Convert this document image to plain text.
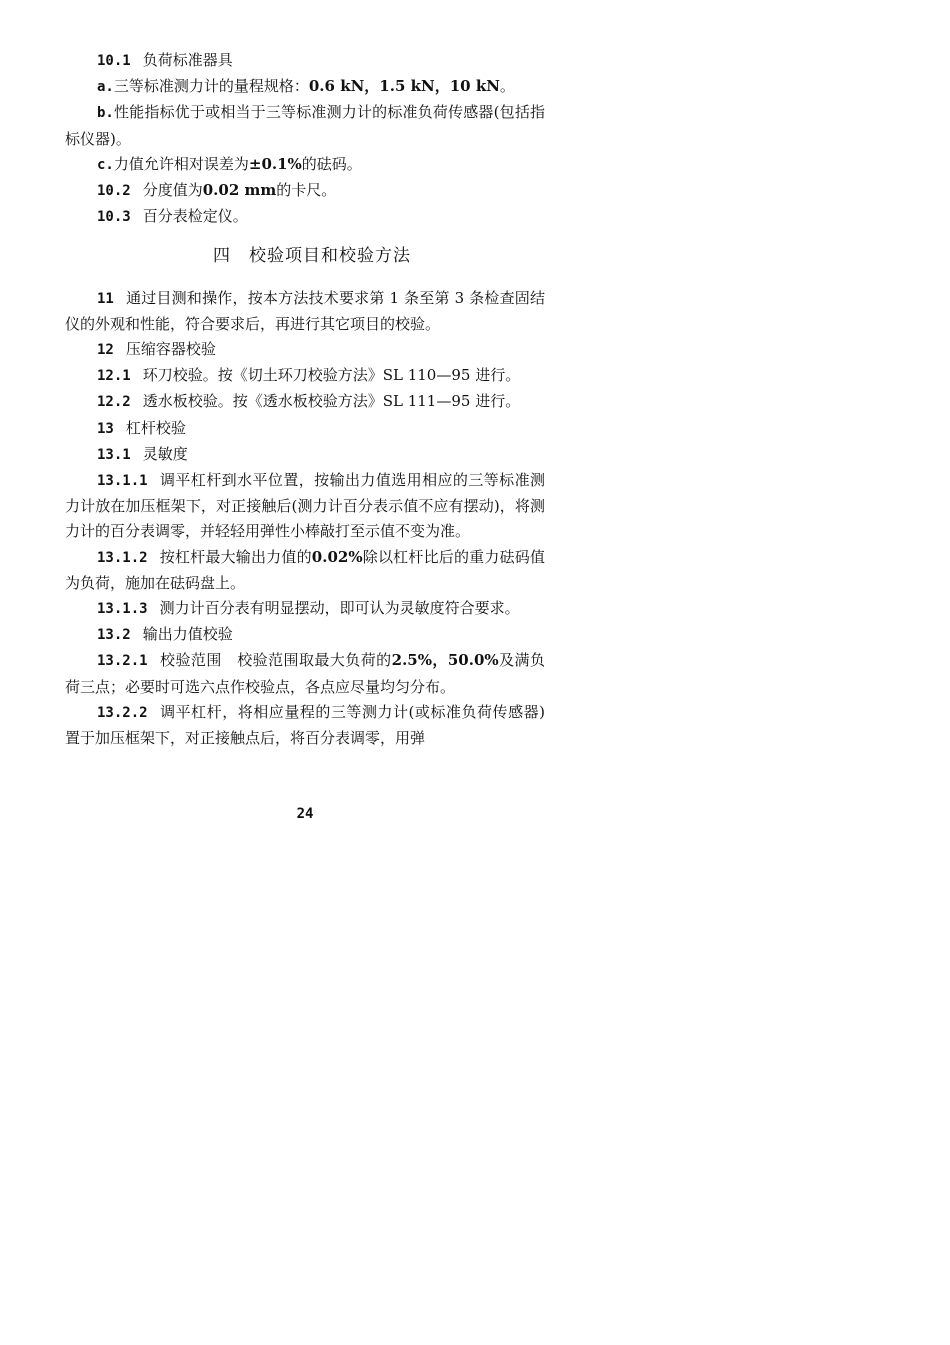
10.1 负荷标准器具

a.三等标准测力计的量程规格：0.6 kN，1.5 kN，10 kN。

b.性能指标优于或相当于三等标准测力计的标准负荷传感器(包括指标仪器)。

c.力值允许相对误差为±0.1%的砝码。

10.2 分度值为0.02 mm的卡尺。

10.3 百分表检定仪。

四 校验项目和校验方法

11 通过目测和操作，按本方法技术要求第 1 条至第 3 条检查固结仪的外观和性能，符合要求后，再进行其它项目的校验。

12 压缩容器校验

12.1 环刀校验。按《切土环刀校验方法》SL 110—95 进行。

12.2 透水板校验。按《透水板校验方法》SL 111—95 进行。

13 杠杆校验

13.1 灵敏度

13.1.1 调平杠杆到水平位置，按输出力值选用相应的三等标准测力计放在加压框架下，对正接触后(测力计百分表示值不应有摆动)，将测力计的百分表调零，并轻轻用弹性小棒敲打至示值不变为准。

13.1.2 按杠杆最大输出力值的0.02%除以杠杆比后的重力砝码值为负荷，施加在砝码盘上。

13.1.3 测力计百分表有明显摆动，即可认为灵敏度符合要求。

13.2 输出力值校验

13.2.1 校验范围　校验范围取最大负荷的2.5%，50.0%及满负荷三点；必要时可选六点作校验点，各点应尽量均匀分布。

13.2.2 调平杠杆，将相应量程的三等测力计(或标准负荷传感器)置于加压框架下，对正接触点后，将百分表调零，用弹

24
